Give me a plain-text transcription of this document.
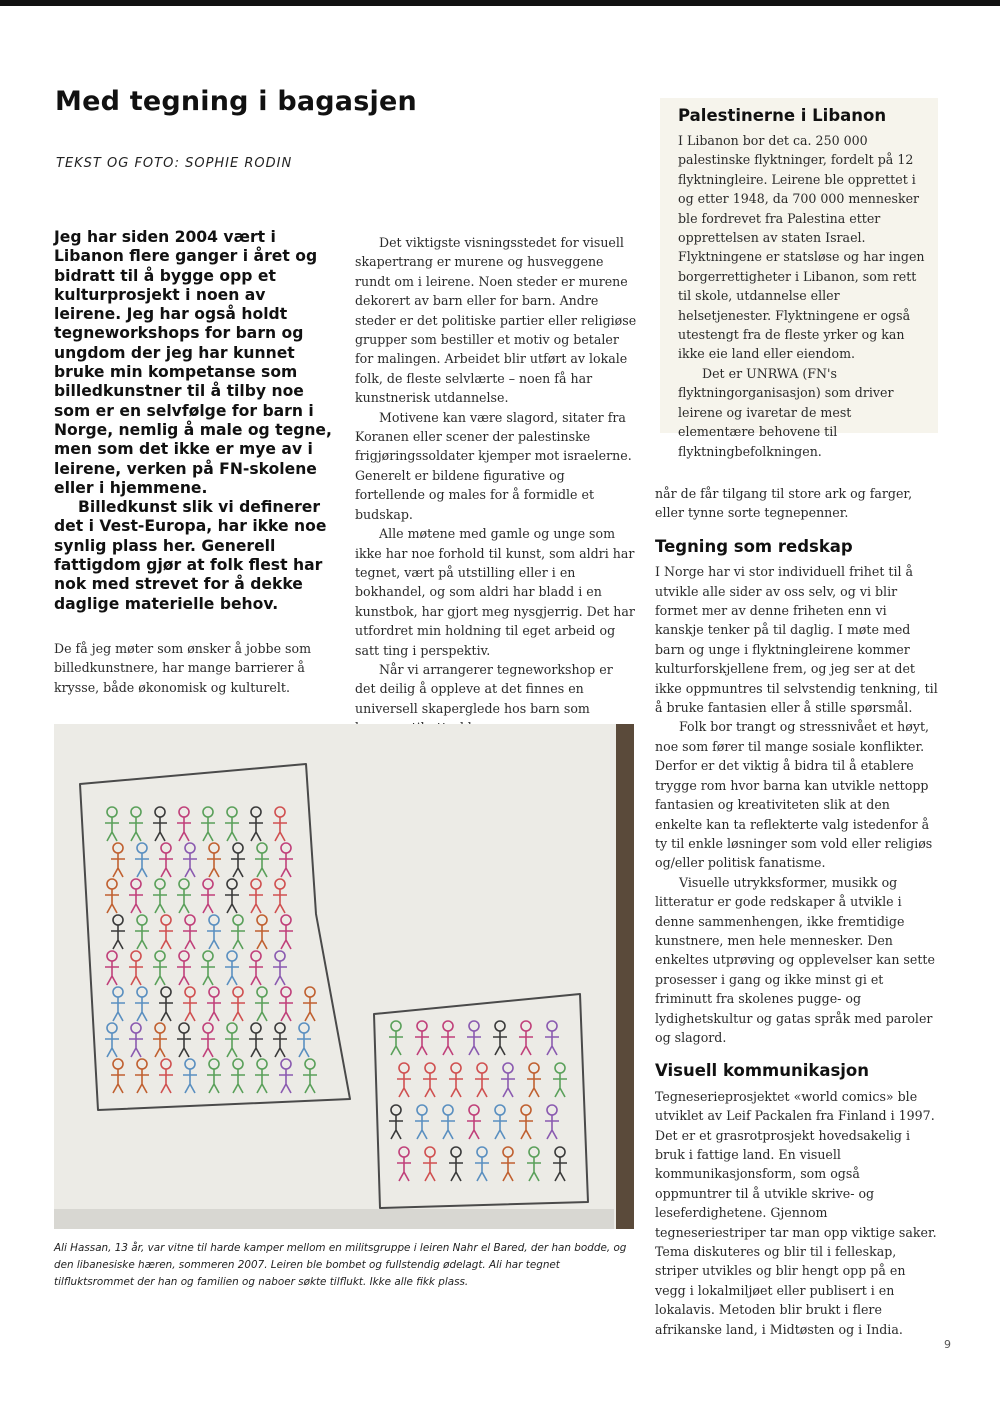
Med tegning i bagasjen

TEKST OG FOTO: SOPHIE RODIN

Jeg har siden 2004 vært i Libanon flere ganger i året og bidratt til å bygge opp et kulturprosjekt i noen av leirene. Jeg har også holdt tegneworkshops for barn og ungdom der jeg har kunnet bruke min kompetanse som billedkunstner til å tilby noe som er en selvfølge for barn i Norge, nemlig å male og tegne, men som det ikke er mye av i leirene, verken på FN-skolene eller i hjemmene.

Billedkunst slik vi definerer det i Vest-Europa, har ikke noe synlig plass her. Generell fattigdom gjør at folk flest har nok med strevet for å dekke daglige materielle behov.

De få jeg møter som ønsker å jobbe som billedkunstnere, har mange barrierer å krysse, både økonomisk og kulturelt.

Det viktigste visningsstedet for visuell skapertrang er murene og husveggene rundt om i leirene. Noen steder er murene dekorert av barn eller for barn. Andre steder er det politiske partier eller religiøse grupper som bestiller et motiv og betaler for malingen. Arbeidet blir utført av lokale folk, de fleste selvlærte – noen få har kunstnerisk utdannelse.

Motivene kan være slagord, sitater fra Koranen eller scener der palestinske frigjøringssoldater kjemper mot israelerne. Generelt er bildene figurative og fortellende og males for å formidle et budskap.

Alle møtene med gamle og unge som ikke har noe forhold til kunst, som aldri har tegnet, vært på utstilling eller i en bokhandel, og som aldri har bladd i en kunstbok, har gjort meg nysgjerrig. Det har utfordret min holdning til eget arbeid og satt ting i perspektiv.

Når vi arrangerer tegneworkshop er det deilig å oppleve at det finnes en universell skaperglede hos barn som

Palestinerne i Libanon

I Libanon bor det ca. 250 000 palestinske flyktninger, fordelt på 12 flyktningleire. Leirene ble opprettet i og etter 1948, da 700 000 mennesker ble fordrevet fra Palestina etter opprettelsen av staten Israel. Flyktningene er statsløse og har ingen borgerrettigheter i Libanon, som rett til skole, utdannelse eller helsetjenester. Flyktningene er også utestengt fra de fleste yrker og kan ikke eie land eller eiendom.

Det er UNRWA (FN's flyktningorganisasjon) som driver leirene og ivaretar de mest elementære behovene til flyktningbefolkningen.

når de får tilgang til store ark og farger, eller tynne sorte tegnepenner.

Tegning som redskap

I Norge har vi stor individuell frihet til å utvikle alle sider av oss selv, og vi blir formet mer av denne friheten enn vi kanskje tenker på til daglig. I møte med barn og unge i flyktningleirene kommer kulturforskjellene frem, og jeg ser at det ikke oppmuntres til selvstendig tenkning, til å bruke fantasien eller å stille spørsmål.

Folk bor trangt og stressnivået et høyt, noe som fører til mange sosiale konflikter. Derfor er det viktig å bidra til å etablere trygge rom hvor barna kan utvikle nettopp fantasien og kreativiteten slik at den enkelte kan ta reflekterte valg istedenfor å ty til enkle løsninger som vold eller religiøs og/eller politisk fanatisme.

Visuelle utrykksformer, musikk og litteratur er gode redskaper å utvikle i denne sammenhengen, ikke fremtidige kunstnere, men hele mennesker. Den enkeltes utprøving og opplevelser kan sette prosesser i gang og ikke minst gi et friminutt fra skolenes pugge- og lydighetskultur og gatas språk med paroler og slagord.

Visuell kommunikasjon

Tegneserieprosjektet «world comics» ble utviklet av Leif Packalen fra Finland i 1997. Det er et grasrotprosjekt hovedsakelig i bruk i fattige land. En visuell kommunikasjonsform, som også oppmuntrer til å utvikle skrive- og leseferdighetene. Gjennom tegneseriestriper tar man opp viktige saker. Tema diskuteres og blir til i felleskap, striper utvikles og blir hengt opp på en vegg i lokalmiljøet eller publisert i en lokalavis. Metoden blir brukt i flere afrikanske land, i Midtøsten og i India.

Ali Hassan, 13 år, var vitne til harde kamper mellom en militsgruppe i leiren Nahr el Bared, der han bodde, og den libanesiske hæren, sommeren 2007. Leiren ble bombet og fullstendig ødelagt. Ali har tegnet tilfluktsrommet der han og familien og naboer søkte tilflukt. Ikke alle fikk plass.

9
